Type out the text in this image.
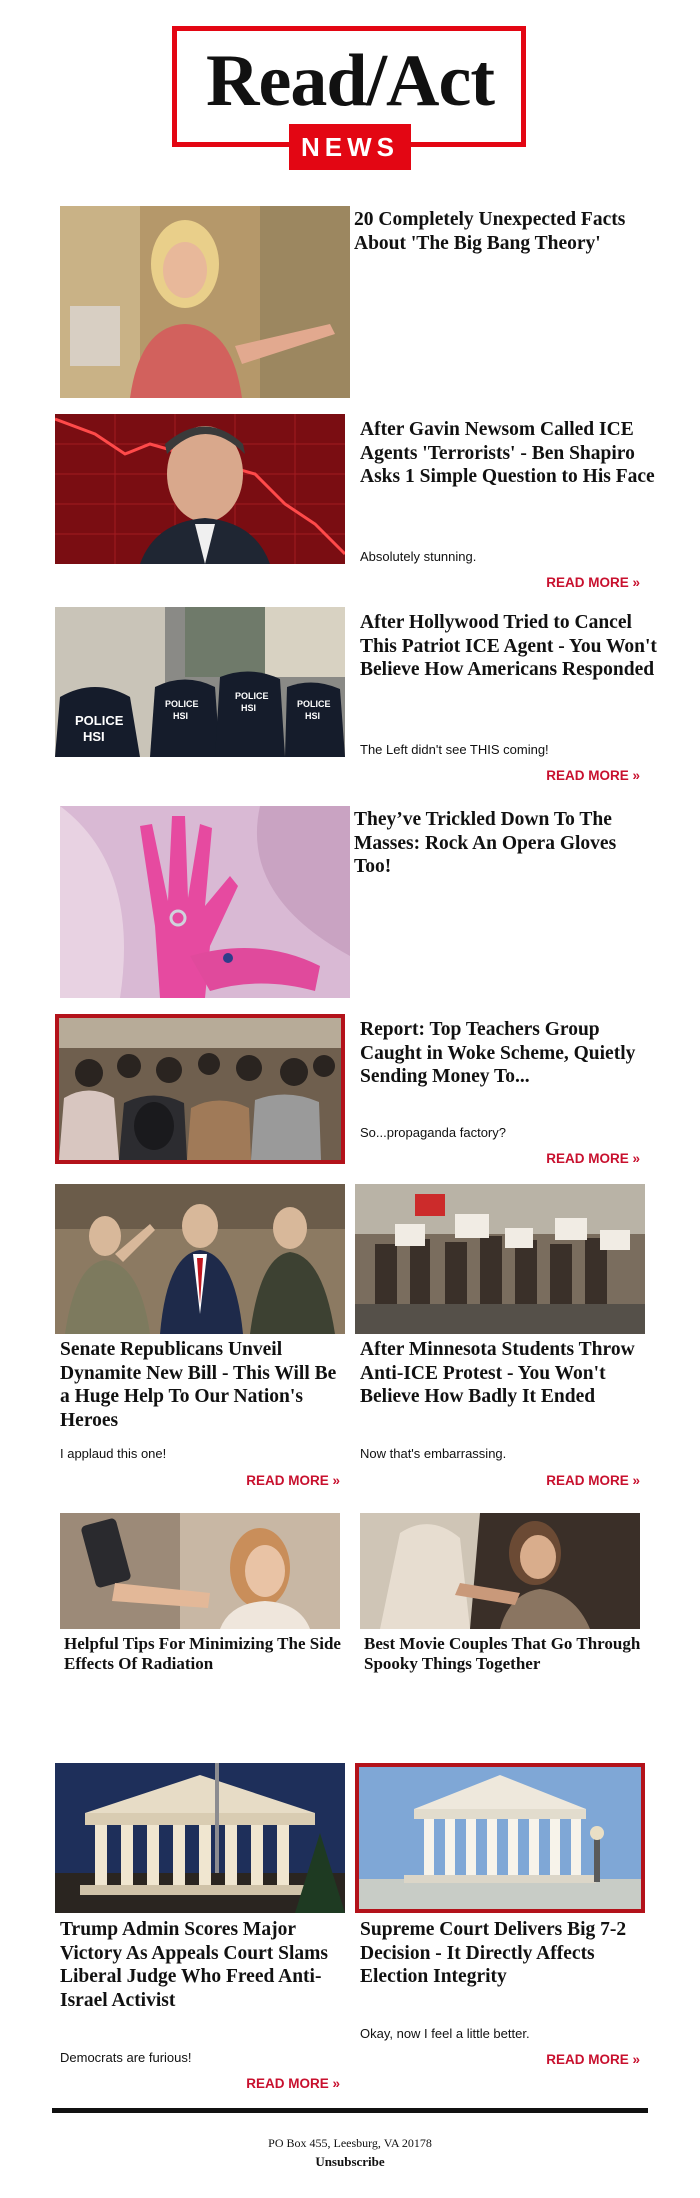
Read/Act
NEWS
20 Completely Unexpected Facts About 'The Big Bang Theory'
After Gavin Newsom Called ICE Agents 'Terrorists' - Ben Shapiro Asks 1 Simple Question to His Face
Absolutely stunning.
READ MORE »
POLICE
HSI
POLICE
HSI
POLICE
HSI	POLICE
HSI
After Hollywood Tried to Cancel This Patriot ICE Agent - You Won't Believe How Americans Responded
The Left didn't see THIS coming!
READ MORE »
They’ve Trickled Down To The Masses: Rock An Opera Gloves Too!
Report: Top Teachers Group Caught in Woke Scheme, Quietly Sending Money To...
So...propaganda factory?
READ MORE »
Senate Republicans Unveil Dynamite New Bill - This Will Be a Huge Help To Our Nation's Heroes
I applaud this one!
READ MORE »
After Minnesota Students Throw Anti-ICE Protest - You Won't Believe How Badly It Ended
Now that's embarrassing.
READ MORE »
Helpful Tips For Minimizing The Side Effects Of Radiation
Best Movie Couples That Go Through Spooky Things Together
Trump Admin Scores Major Victory As Appeals Court Slams Liberal Judge Who Freed Anti-Israel Activist
Democrats are furious!
READ MORE »
Supreme Court Delivers Big 7-2 Decision - It Directly Affects Election Integrity
Okay, now I feel a little better.
READ MORE »
PO Box 455, Leesburg, VA 20178
Unsubscribe
